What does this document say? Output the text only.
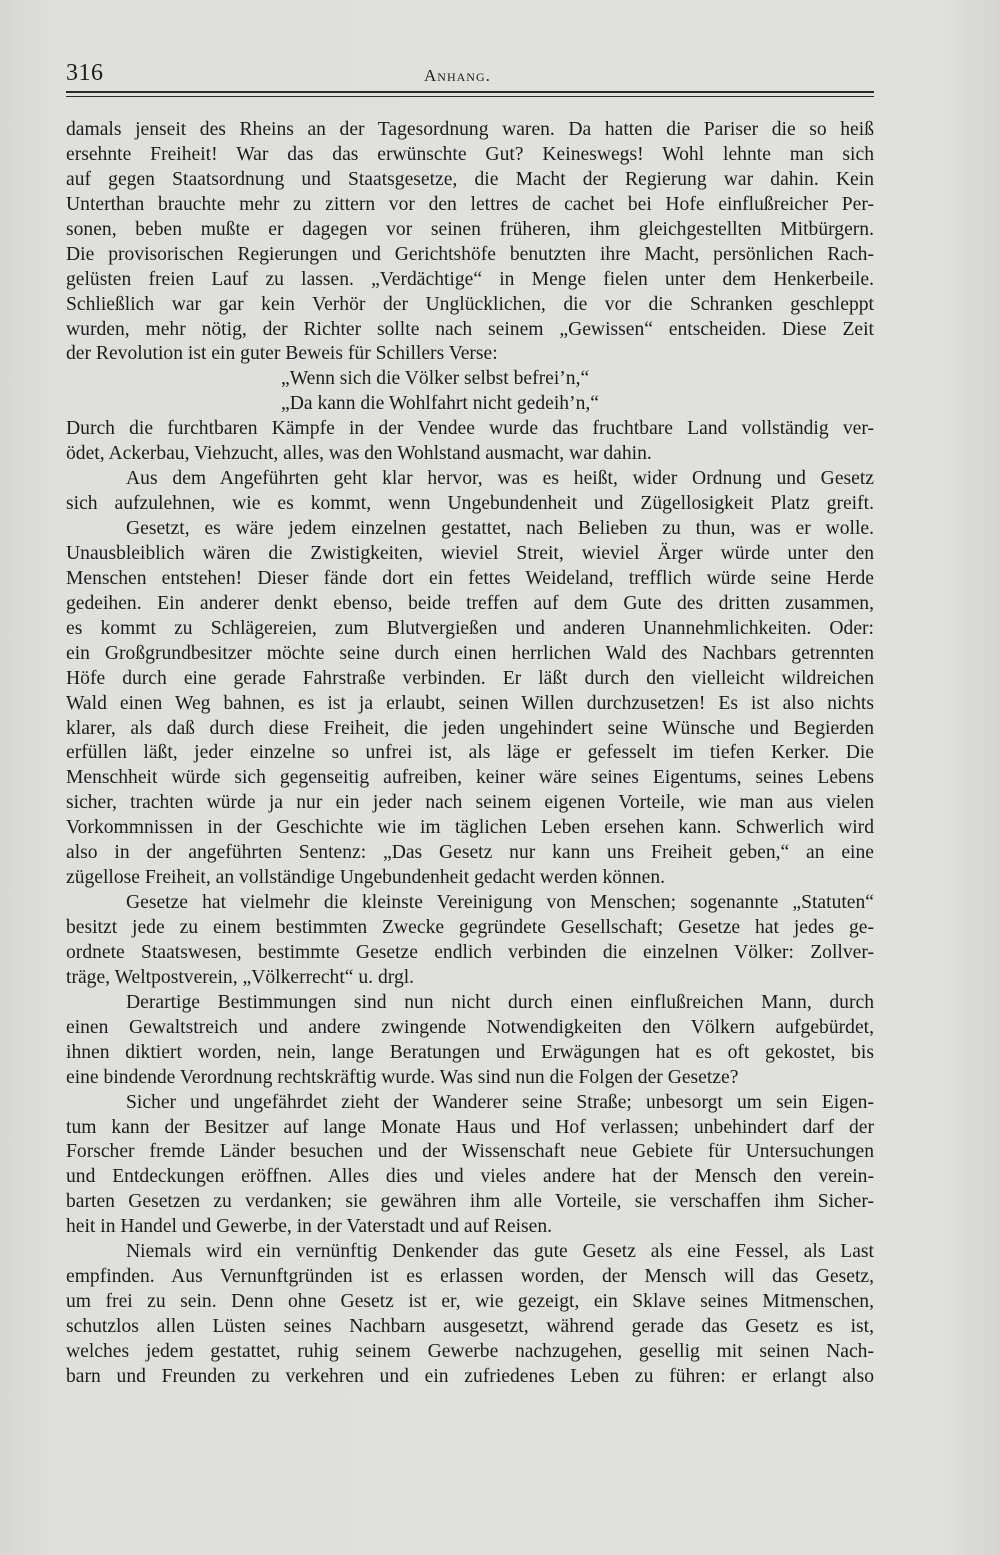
316	Anhang.
damals jenseit des Rheins an der Tagesordnung waren. Da hatten die Pariser die so heiß
ersehnte Freiheit! War das das erwünschte Gut? Keineswegs! Wohl lehnte man sich
auf gegen Staatsordnung und Staatsgesetze, die Macht der Regierung war dahin. Kein
Unterthan brauchte mehr zu zittern vor den lettres de cachet bei Hofe einflußreicher Per-
sonen, beben mußte er dagegen vor seinen früheren, ihm gleichgestellten Mitbürgern.
Die provisorischen Regierungen und Gerichtshöfe benutzten ihre Macht, persönlichen Rach-
gelüsten freien Lauf zu lassen. „Verdächtige“ in Menge fielen unter dem Henkerbeile.
Schließlich war gar kein Verhör der Unglücklichen, die vor die Schranken geschleppt
wurden, mehr nötig, der Richter sollte nach seinem „Gewissen“ entscheiden. Diese Zeit
der Revolution ist ein guter Beweis für Schillers Verse:
„Wenn sich die Völker selbst befrei’n,“
„Da kann die Wohlfahrt nicht gedeih’n,“
Durch die furchtbaren Kämpfe in der Vendee wurde das fruchtbare Land vollständig ver-
ödet, Ackerbau, Viehzucht, alles, was den Wohlstand ausmacht, war dahin.
Aus dem Angeführten geht klar hervor, was es heißt, wider Ordnung und Gesetz
sich aufzulehnen, wie es kommt, wenn Ungebundenheit und Zügellosigkeit Platz greift.
Gesetzt, es wäre jedem einzelnen gestattet, nach Belieben zu thun, was er wolle.
Unausbleiblich wären die Zwistigkeiten, wieviel Streit, wieviel Ärger würde unter den
Menschen entstehen! Dieser fände dort ein fettes Weideland, trefflich würde seine Herde
gedeihen. Ein anderer denkt ebenso, beide treffen auf dem Gute des dritten zusammen,
es kommt zu Schlägereien, zum Blutvergießen und anderen Unannehmlichkeiten. Oder:
ein Großgrundbesitzer möchte seine durch einen herrlichen Wald des Nachbars getrennten
Höfe durch eine gerade Fahrstraße verbinden. Er läßt durch den vielleicht wildreichen
Wald einen Weg bahnen, es ist ja erlaubt, seinen Willen durchzusetzen! Es ist also nichts
klarer, als daß durch diese Freiheit, die jeden ungehindert seine Wünsche und Begierden
erfüllen läßt, jeder einzelne so unfrei ist, als läge er gefesselt im tiefen Kerker. Die
Menschheit würde sich gegenseitig aufreiben, keiner wäre seines Eigentums, seines Lebens
sicher, trachten würde ja nur ein jeder nach seinem eigenen Vorteile, wie man aus vielen
Vorkommnissen in der Geschichte wie im täglichen Leben ersehen kann. Schwerlich wird
also in der angeführten Sentenz: „Das Gesetz nur kann uns Freiheit geben,“ an eine
zügellose Freiheit, an vollständige Ungebundenheit gedacht werden können.
Gesetze hat vielmehr die kleinste Vereinigung von Menschen; sogenannte „Statuten“
besitzt jede zu einem bestimmten Zwecke gegründete Gesellschaft; Gesetze hat jedes ge-
ordnete Staatswesen, bestimmte Gesetze endlich verbinden die einzelnen Völker: Zollver-
träge, Weltpostverein, „Völkerrecht“ u. drgl.
Derartige Bestimmungen sind nun nicht durch einen einflußreichen Mann, durch
einen Gewaltstreich und andere zwingende Notwendigkeiten den Völkern aufgebürdet,
ihnen diktiert worden, nein, lange Beratungen und Erwägungen hat es oft gekostet, bis
eine bindende Verordnung rechtskräftig wurde. Was sind nun die Folgen der Gesetze?
Sicher und ungefährdet zieht der Wanderer seine Straße; unbesorgt um sein Eigen-
tum kann der Besitzer auf lange Monate Haus und Hof verlassen; unbehindert darf der
Forscher fremde Länder besuchen und der Wissenschaft neue Gebiete für Untersuchungen
und Entdeckungen eröffnen. Alles dies und vieles andere hat der Mensch den verein-
barten Gesetzen zu verdanken; sie gewähren ihm alle Vorteile, sie verschaffen ihm Sicher-
heit in Handel und Gewerbe, in der Vaterstadt und auf Reisen.
Niemals wird ein vernünftig Denkender das gute Gesetz als eine Fessel, als Last
empfinden. Aus Vernunftgründen ist es erlassen worden, der Mensch will das Gesetz,
um frei zu sein. Denn ohne Gesetz ist er, wie gezeigt, ein Sklave seines Mitmenschen,
schutzlos allen Lüsten seines Nachbarn ausgesetzt, während gerade das Gesetz es ist,
welches jedem gestattet, ruhig seinem Gewerbe nachzugehen, gesellig mit seinen Nach-
barn und Freunden zu verkehren und ein zufriedenes Leben zu führen: er erlangt also
